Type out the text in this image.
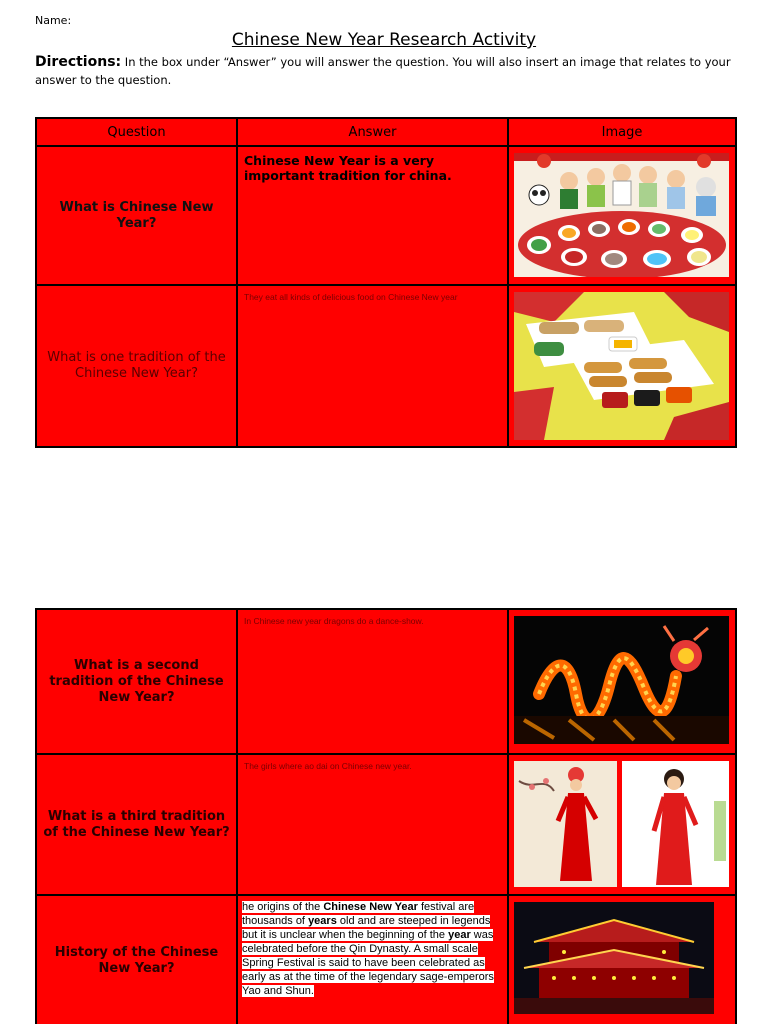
Name:
Chinese New Year Research Activity
Directions: In the box under “Answer” you will answer the question. You will also insert an image that relates to your answer to the question.
Question	Answer	Image
What is Chinese New Year?	Chinese New Year is a very important tradition for china.	

What is one tradition of the Chinese New Year?	They eat all kinds of delicious food on Chinese New year	
What is a second tradition of the Chinese New Year?	In Chinese new year dragons do a dance-show.	

What is a third tradition of the Chinese New Year?	The girls where ao dai on Chinese new year.	

History of the Chinese New Year?	he origins of the Chinese New Year festival are thousands of years old and are steeped in legends but it is unclear when the beginning of the year was celebrated before the Qin Dynasty. A small scale Spring Festival is said to have been celebrated as early as at the time of the legendary sage-emperors Yao and Shun.	
